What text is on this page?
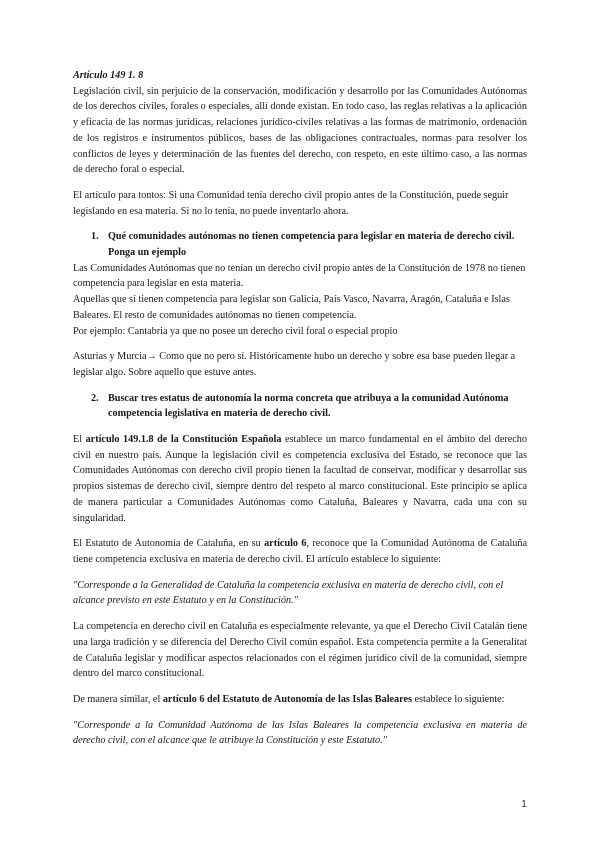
Artículo 149 1. 8

Legislación civil, sin perjuicio de la conservación, modificación y desarrollo por las Comunidades Autónomas de los derechos civiles, forales o especiales, allí donde existan. En todo caso, las reglas relativas a la aplicación y eficacia de las normas jurídicas, relaciones jurídico-civiles relativas a las formas de matrimonio, ordenación de los registros e instrumentos públicos, bases de las obligaciones contractuales, normas para resolver los conflictos de leyes y determinación de las fuentes del derecho, con respeto, en este último caso, a las normas de derecho foral o especial.

El artículo para tontos: Si una Comunidad tenía derecho civil propio antes de la Constitución, puede seguir legislando en esa materia. Si no lo tenía, no puede inventarlo ahora.

1. Qué comunidades autónomas no tienen competencia para legislar en materia de derecho civil. Ponga un ejemplo

Las Comunidades Autónomas que no tenían un derecho civil propio antes de la Constitución de 1978 no tienen competencia para legislar en esta materia.

Aquellas que sí tienen competencia para legislar son Galicia, País Vasco, Navarra, Aragón, Cataluña e Islas Baleares. El resto de comunidades autónomas no tienen competencia.

Por ejemplo: Cantabria ya que no posee un derecho civil foral o especial propio

Asturias y Murcia→ Como que no pero sí. Históricamente hubo un derecho y sobre esa base pueden llegar a legislar algo. Sobre aquello que estuve antes.

2. Buscar tres estatus de autonomía la norma concreta que atribuya a la comunidad Autónoma competencia legislativa en materia de derecho civil.

El artículo 149.1.8 de la Constitución Española establece un marco fundamental en el ámbito del derecho civil en nuestro país. Aunque la legislación civil es competencia exclusiva del Estado, se reconoce que las Comunidades Autónomas con derecho civil propio tienen la facultad de conservar, modificar y desarrollar sus propios sistemas de derecho civil, siempre dentro del respeto al marco constitucional. Este principio se aplica de manera particular a Comunidades Autónomas como Cataluña, Baleares y Navarra, cada una con su singularidad.

El Estatuto de Autonomía de Cataluña, en su artículo 6, reconoce que la Comunidad Autónoma de Cataluña tiene competencia exclusiva en materia de derecho civil. El artículo establece lo siguiente:

"Corresponde a la Generalidad de Cataluña la competencia exclusiva en materia de derecho civil, con el alcance previsto en este Estatuto y en la Constitución."

La competencia en derecho civil en Cataluña es especialmente relevante, ya que el Derecho Civil Catalán tiene una larga tradición y se diferencia del Derecho Civil común español. Esta competencia permite a la Generalitat de Cataluña legislar y modificar aspectos relacionados con el régimen jurídico civil de la comunidad, siempre dentro del marco constitucional.

De manera similar, el artículo 6 del Estatuto de Autonomía de las Islas Baleares establece lo siguiente:

"Corresponde a la Comunidad Autónoma de las Islas Baleares la competencia exclusiva en materia de derecho civil, con el alcance que le atribuye la Constitución y este Estatuto."

1
